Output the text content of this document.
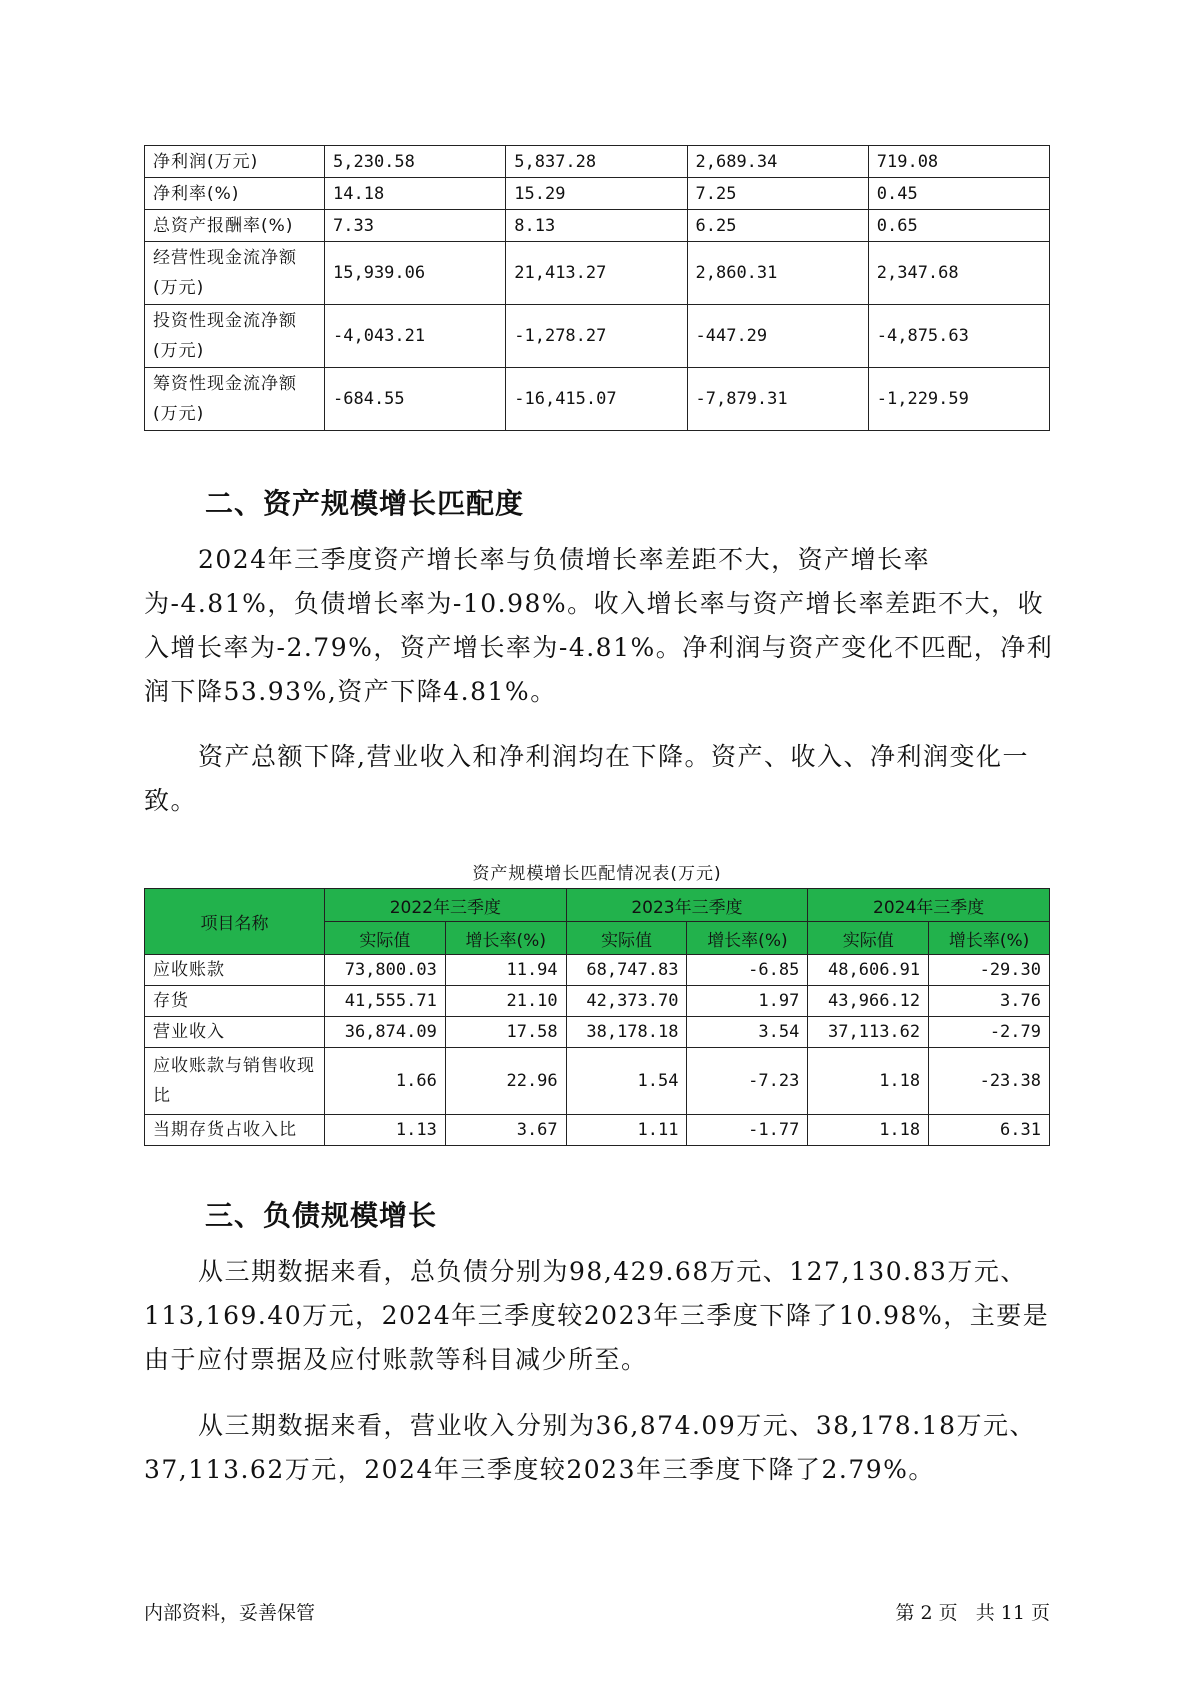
净利润(万元)	5,230.58	5,837.28	2,689.34	719.08
净利率(%)	14.18	15.29	7.25	0.45
总资产报酬率(%)	7.33	8.13	6.25	0.65
经营性现金流净额(万元)	15,939.06	21,413.27	2,860.31	2,347.68
投资性现金流净额(万元)	-4,043.21	-1,278.27	-447.29	-4,875.63
筹资性现金流净额(万元)	-684.55	-16,415.07	-7,879.31	-1,229.59
二、资产规模增长匹配度

2024年三季度资产增长率与负债增长率差距不大，资产增长率为-4.81%，负债增长率为-10.98%。收入增长率与资产增长率差距不大，收入增长率为-2.79%，资产增长率为-4.81%。净利润与资产变化不匹配，净利润下降53.93%,资产下降4.81%。

资产总额下降,营业收入和净利润均在下降。资产、收入、净利润变化一致。

资产规模增长匹配情况表(万元)
项目名称	2022年三季度		2023年三季度		2024年三季度	
	实际值	增长率(%)	实际值	增长率(%)	实际值	增长率(%)
应收账款	73,800.03	11.94	68,747.83	-6.85	48,606.91	-29.30
存货	41,555.71	21.10	42,373.70	1.97	43,966.12	3.76
营业收入	36,874.09	17.58	38,178.18	3.54	37,113.62	-2.79
应收账款与销售收现比	1.66	22.96	1.54	-7.23	1.18	-23.38
当期存货占收入比	1.13	3.67	1.11	-1.77	1.18	6.31
三、负债规模增长

从三期数据来看，总负债分别为98,429.68万元、127,130.83万元、113,169.40万元，2024年三季度较2023年三季度下降了10.98%，主要是由于应付票据及应付账款等科目减少所至。

从三期数据来看，营业收入分别为36,874.09万元、38,178.18万元、37,113.62万元，2024年三季度较2023年三季度下降了2.79%。

内部资料，妥善保管	第 2 页   共 11 页
